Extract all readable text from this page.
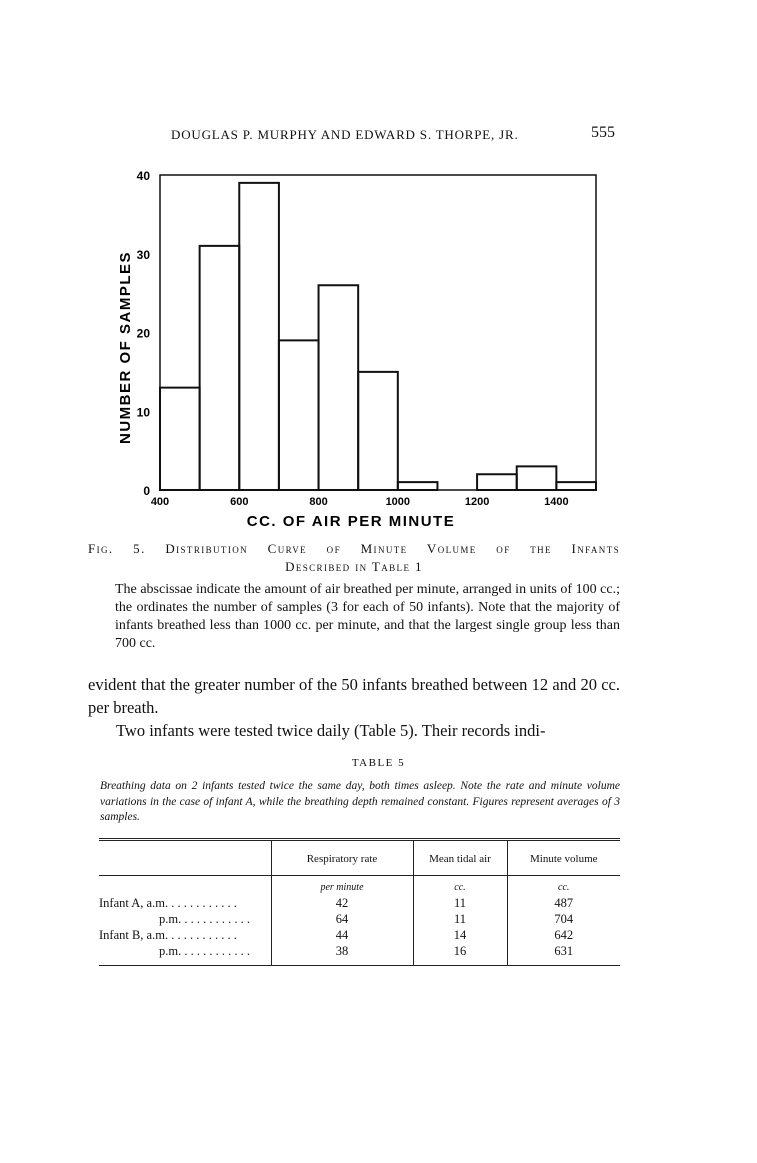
DOUGLAS P. MURPHY AND EDWARD S. THORPE, JR.	555
0
10
20
30
40
400	600	800	1000	1200	1400
CC. OF AIR PER MINUTE
NUMBER OF SAMPLES
Fig. 5. Distribution Curve of Minute Volume of the Infants
Described in Table 1
The abscissae indicate the amount of air breathed per minute, arranged in units of 100 cc.; the ordinates the number of samples (3 for each of 50 infants). Note that the majority of infants breathed less than 1000 cc. per minute, and that the largest single group less than 700 cc.

evident that the greater number of the 50 infants breathed between 12 and 20 cc. per breath.

Two infants were tested twice daily (Table 5). Their records indi-

TABLE 5
Breathing data on 2 infants tested twice the same day, both times asleep. Note the rate and minute volume variations in the case of infant A, while the breathing depth remained constant. Figures represent averages of 3 samples.
	Respiratory rate	Mean tidal air	Minute volume
	per minute	cc.	cc.
Infant A, a.m. . . . . . . . . . . .	42	11	487
p.m. . . . . . . . . . . .	64	11	704
Infant B, a.m. . . . . . . . . . . .	44	14	642
p.m. . . . . . . . . . . .	38	16	631
